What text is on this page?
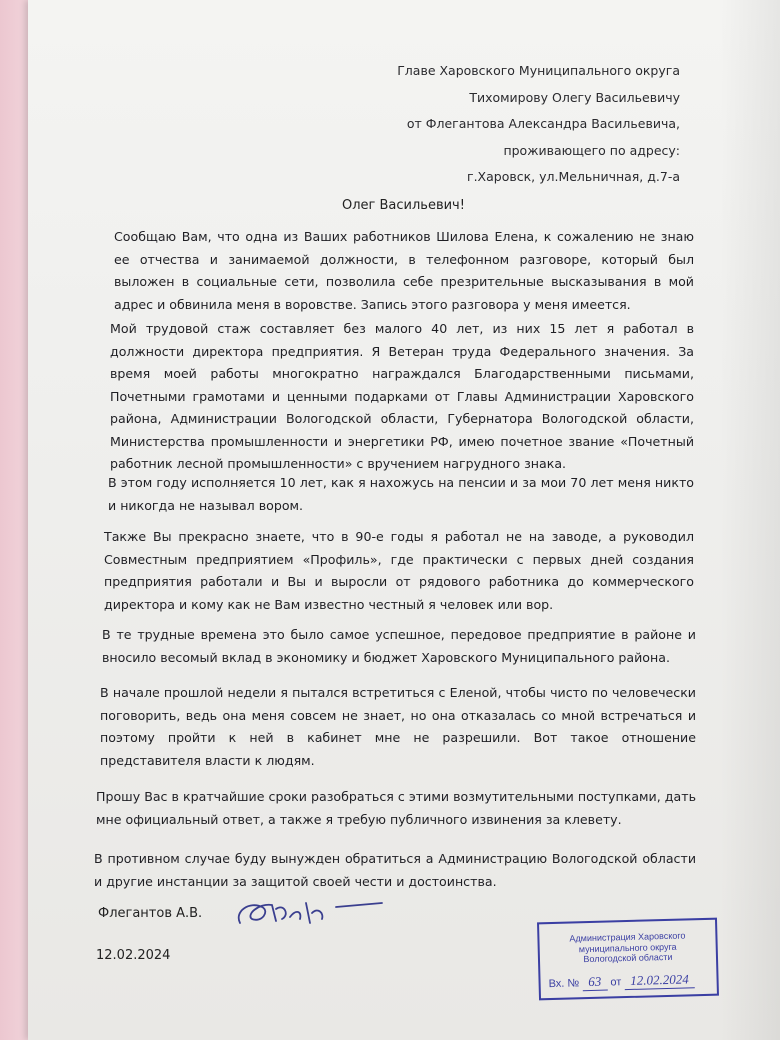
Главе Харовского Муниципального округа
Тихомирову Олегу Васильевичу
от Флегантова Александра Васильевича,
проживающего по адресу:
г.Харовск, ул.Мельничная, д.7-а
Олег Васильевич!

Сообщаю Вам, что одна из Ваших работников Шилова Елена, к сожалению не знаю ее отчества и занимаемой должности, в телефонном разговоре, который был выложен в социальные сети, позволила себе презрительные высказывания в мой адрес и обвинила меня в воровстве. Запись этого разговора у меня имеется.

Мой трудовой стаж составляет без малого 40 лет, из них 15 лет я работал в должности директора предприятия. Я Ветеран труда Федерального значения. За время моей работы многократно награждался Благодарственными письмами, Почетными грамотами и ценными подарками от Главы Администрации Харовского района, Администрации Вологодской области, Губернатора Вологодской области, Министерства промышленности и энергетики РФ, имею почетное звание «Почетный работник лесной промышленности» с вручением нагрудного знака.

В этом году исполняется 10 лет, как я нахожусь на пенсии и за мои 70 лет меня никто и никогда не называл вором.

Также Вы прекрасно знаете, что в 90-е годы я работал не на заводе, а руководил Совместным предприятием «Профиль», где практически с первых дней создания предприятия работали и Вы и выросли от рядового работника до коммерческого директора и кому как не Вам известно честный я человек или вор.

В те трудные времена это было самое успешное, передовое предприятие в районе и вносило весомый вклад в экономику и бюджет Харовского Муниципального района.

В начале прошлой недели я пытался встретиться с Еленой, чтобы чисто по человечески поговорить, ведь она меня совсем не знает, но она отказалась со мной встречаться и поэтому пройти к ней в кабинет мне не разрешили. Вот такое отношение представителя власти к людям.

Прошу Вас в кратчайшие сроки разобраться с этими возмутительными поступками, дать мне официальный ответ, а также я требую публичного извинения за клевету.

В противном случае буду вынужден обратиться а Администрацию Вологодской области и другие инстанции за защитой своей чести и достоинства.

Флегантов А.В.
12.02.2024
Администрация Харовского
муниципального округа
Вологодской области
Вх. № 63 от 12.02.2024
